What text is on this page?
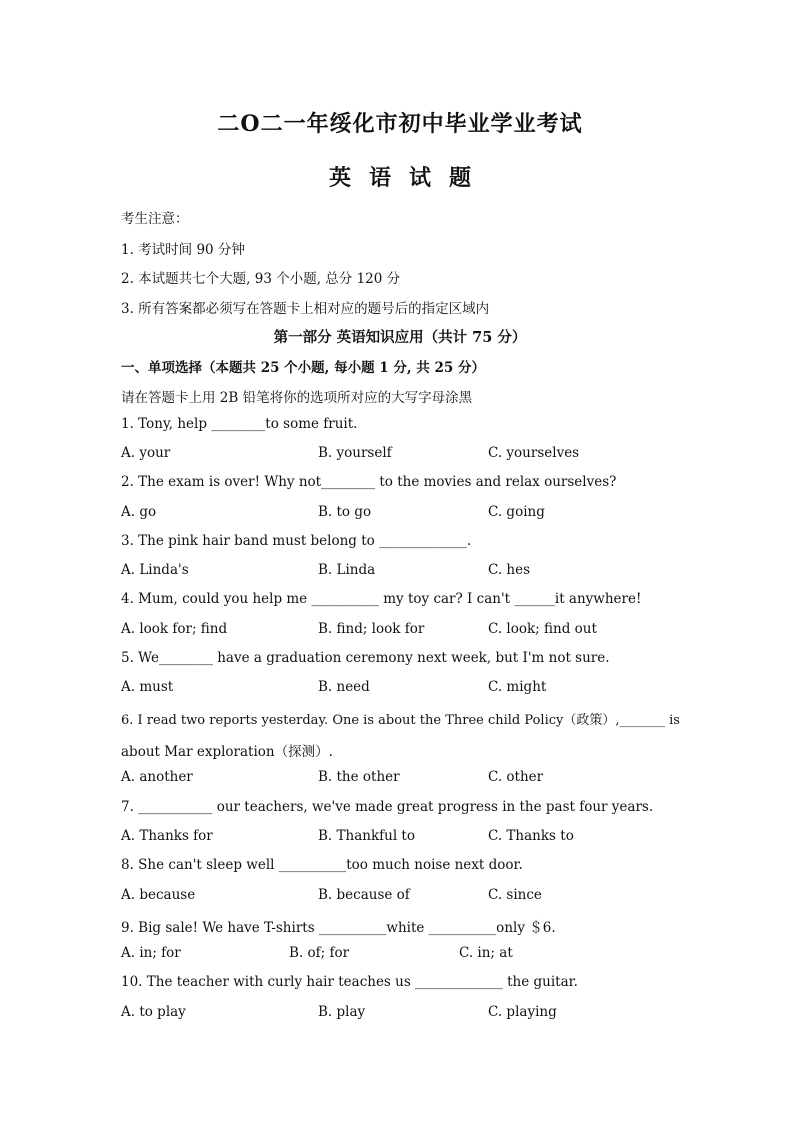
二O二一年绥化市初中毕业学业考试
英语试题
考生注意：
1. 考试时间 90 分钟
2. 本试题共七个大题, 93 个小题, 总分 120 分
3. 所有答案都必须写在答题卡上相对应的题号后的指定区域内
第一部分 英语知识应用（共计 75 分）
一、单项选择（本题共 25 个小题, 每小题 1 分, 共 25 分）
请在答题卡上用 2B 铅笔将你的选项所对应的大写字母涂黑
1. Tony, help ________to some fruit.
A. your	B. yourself	C. yourselves
2. The exam is over! Why not________ to the movies and relax ourselves?
A. go	B. to go	C. going
3. The pink hair band must belong to _____________.
A. Linda's	B. Linda	C. hes
4. Mum, could you help me __________ my toy car? I can't ______it anywhere!
A. look for; find	B. find; look for	C. look; find out
5. We________ have a graduation ceremony next week, but I'm not sure.
A. must	B. need	C. might
6. I read two reports yesterday. One is about the Three child Policy（政策）,_______ is
about Mar exploration（探测）.
A. another	B. the other	C. other
7. ___________ our teachers, we've made great progress in the past four years.
A. Thanks for	B. Thankful to	C. Thanks to
8. She can't sleep well __________too much noise next door.
A. because	B. because of	C. since
9. Big sale! We have T-shirts __________white __________only ＄6.
A. in; for	B. of; for	C. in; at
10. The teacher with curly hair teaches us _____________ the guitar.
A. to play	B. play	C. playing
